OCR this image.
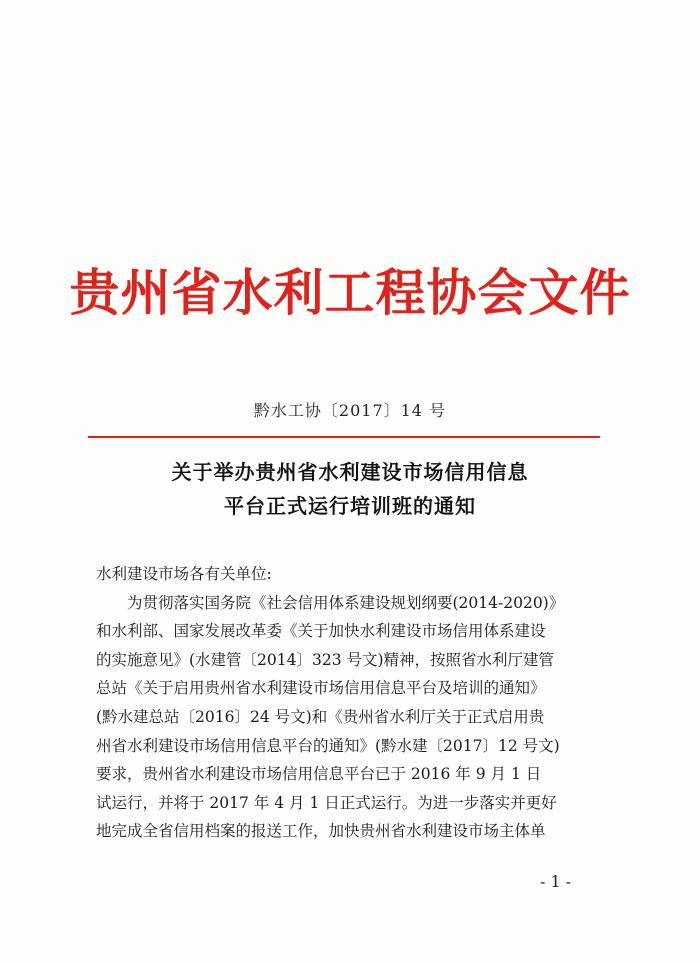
贵州省水利工程协会文件
黔水工协〔2017〕14 号
关于举办贵州省水利建设市场信用信息
平台正式运行培训班的通知
水利建设市场各有关单位:
　　为贯彻落实国务院《社会信用体系建设规划纲要(2014-2020)》
和水利部、国家发展改革委《关于加快水利建设市场信用体系建设
的实施意见》(水建管〔2014〕323 号文)精神，按照省水利厅建管
总站《关于启用贵州省水利建设市场信用信息平台及培训的通知》
(黔水建总站〔2016〕24 号文)和《贵州省水利厅关于正式启用贵
州省水利建设市场信用信息平台的通知》(黔水建〔2017〕12 号文)
要求，贵州省水利建设市场信用信息平台已于 2016 年 9 月 1 日
试运行，并将于 2017 年 4 月 1 日正式运行。为进一步落实并更好
地完成全省信用档案的报送工作，加快贵州省水利建设市场主体单
- 1 -
